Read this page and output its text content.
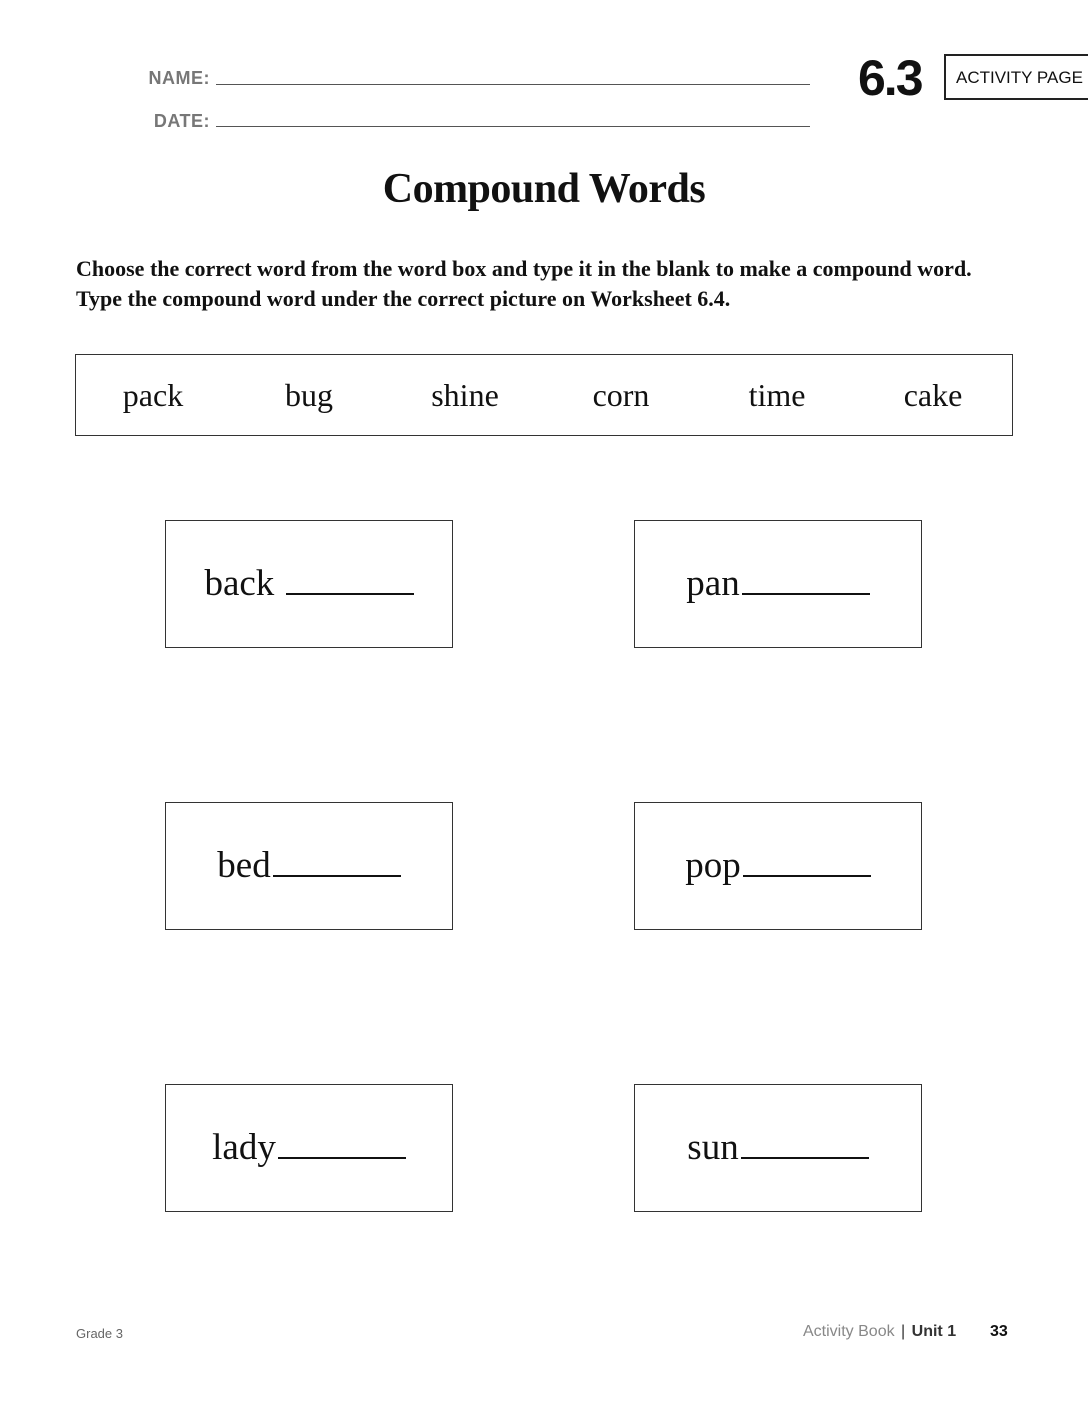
NAME:
DATE:
6.3	ACTIVITY PAGE
Compound Words
Choose the correct word from the word box and type it in the blank to make a compound word. Type the compound word under the correct picture on Worksheet 6.4.
pack	bug	shine	corn	time	cake
back	pan
bed	pop
lady	sun
Grade 3	Activity Book | Unit 1 33
